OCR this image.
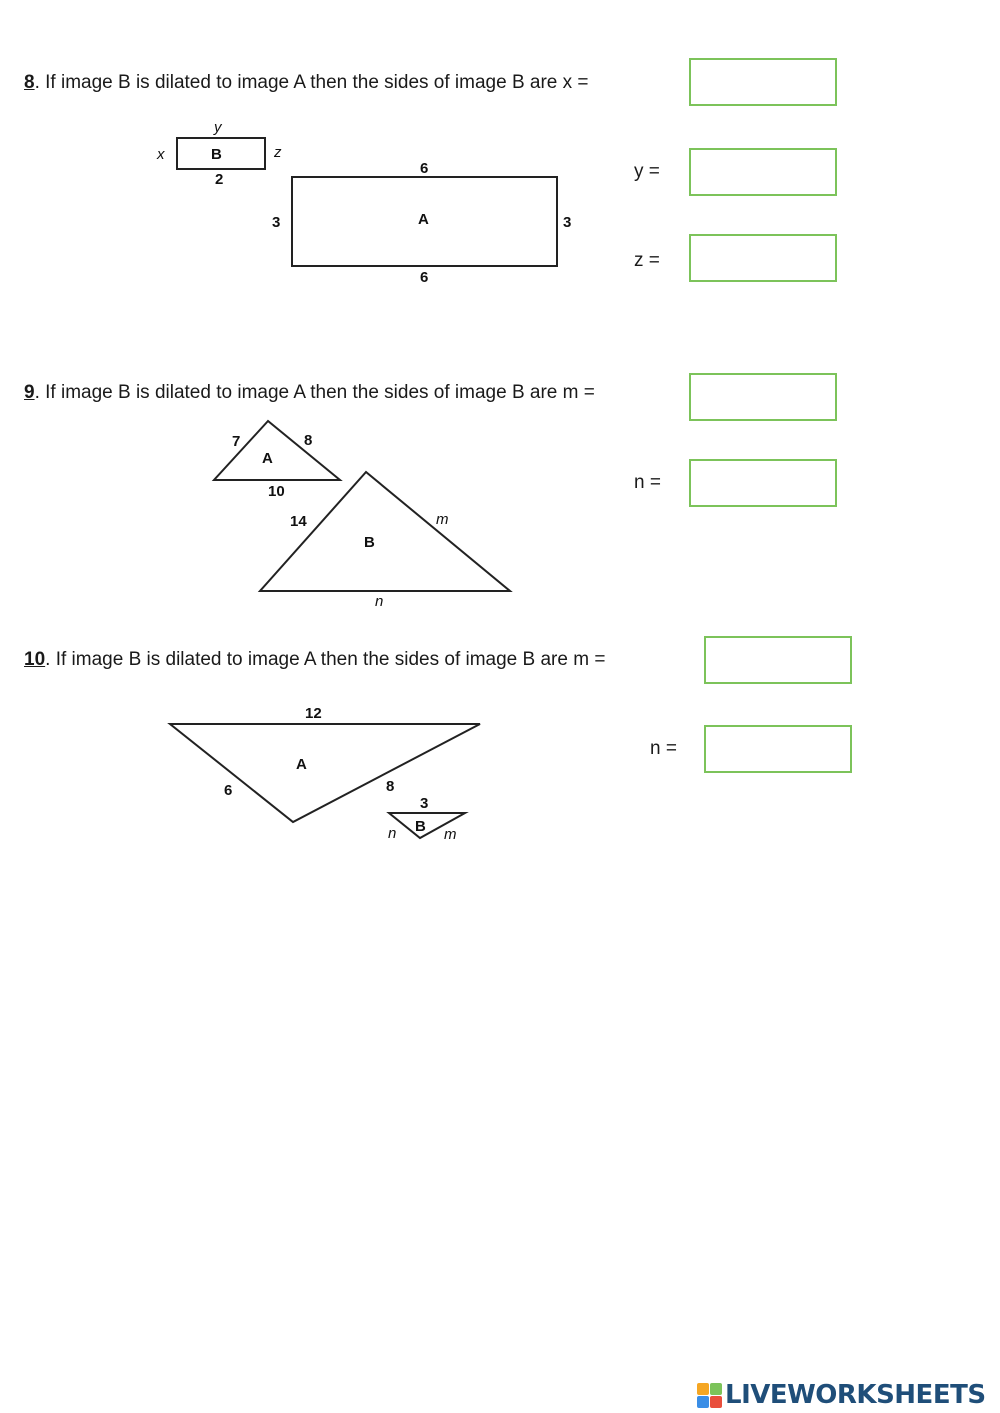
8. If image B is dilated to image A then the sides of image B are x =
y =
z =
B
y
x	z
2
A
6
6
3	3
9. If image B is dilated to image A then the sides of image B are m =
n =
A
7	8
10
B
14	m
n
10. If image B is dilated to image A then the sides of image B are m =
n =
A
12
6	8
3
B
n	m
LIVEWORKSHEETS
